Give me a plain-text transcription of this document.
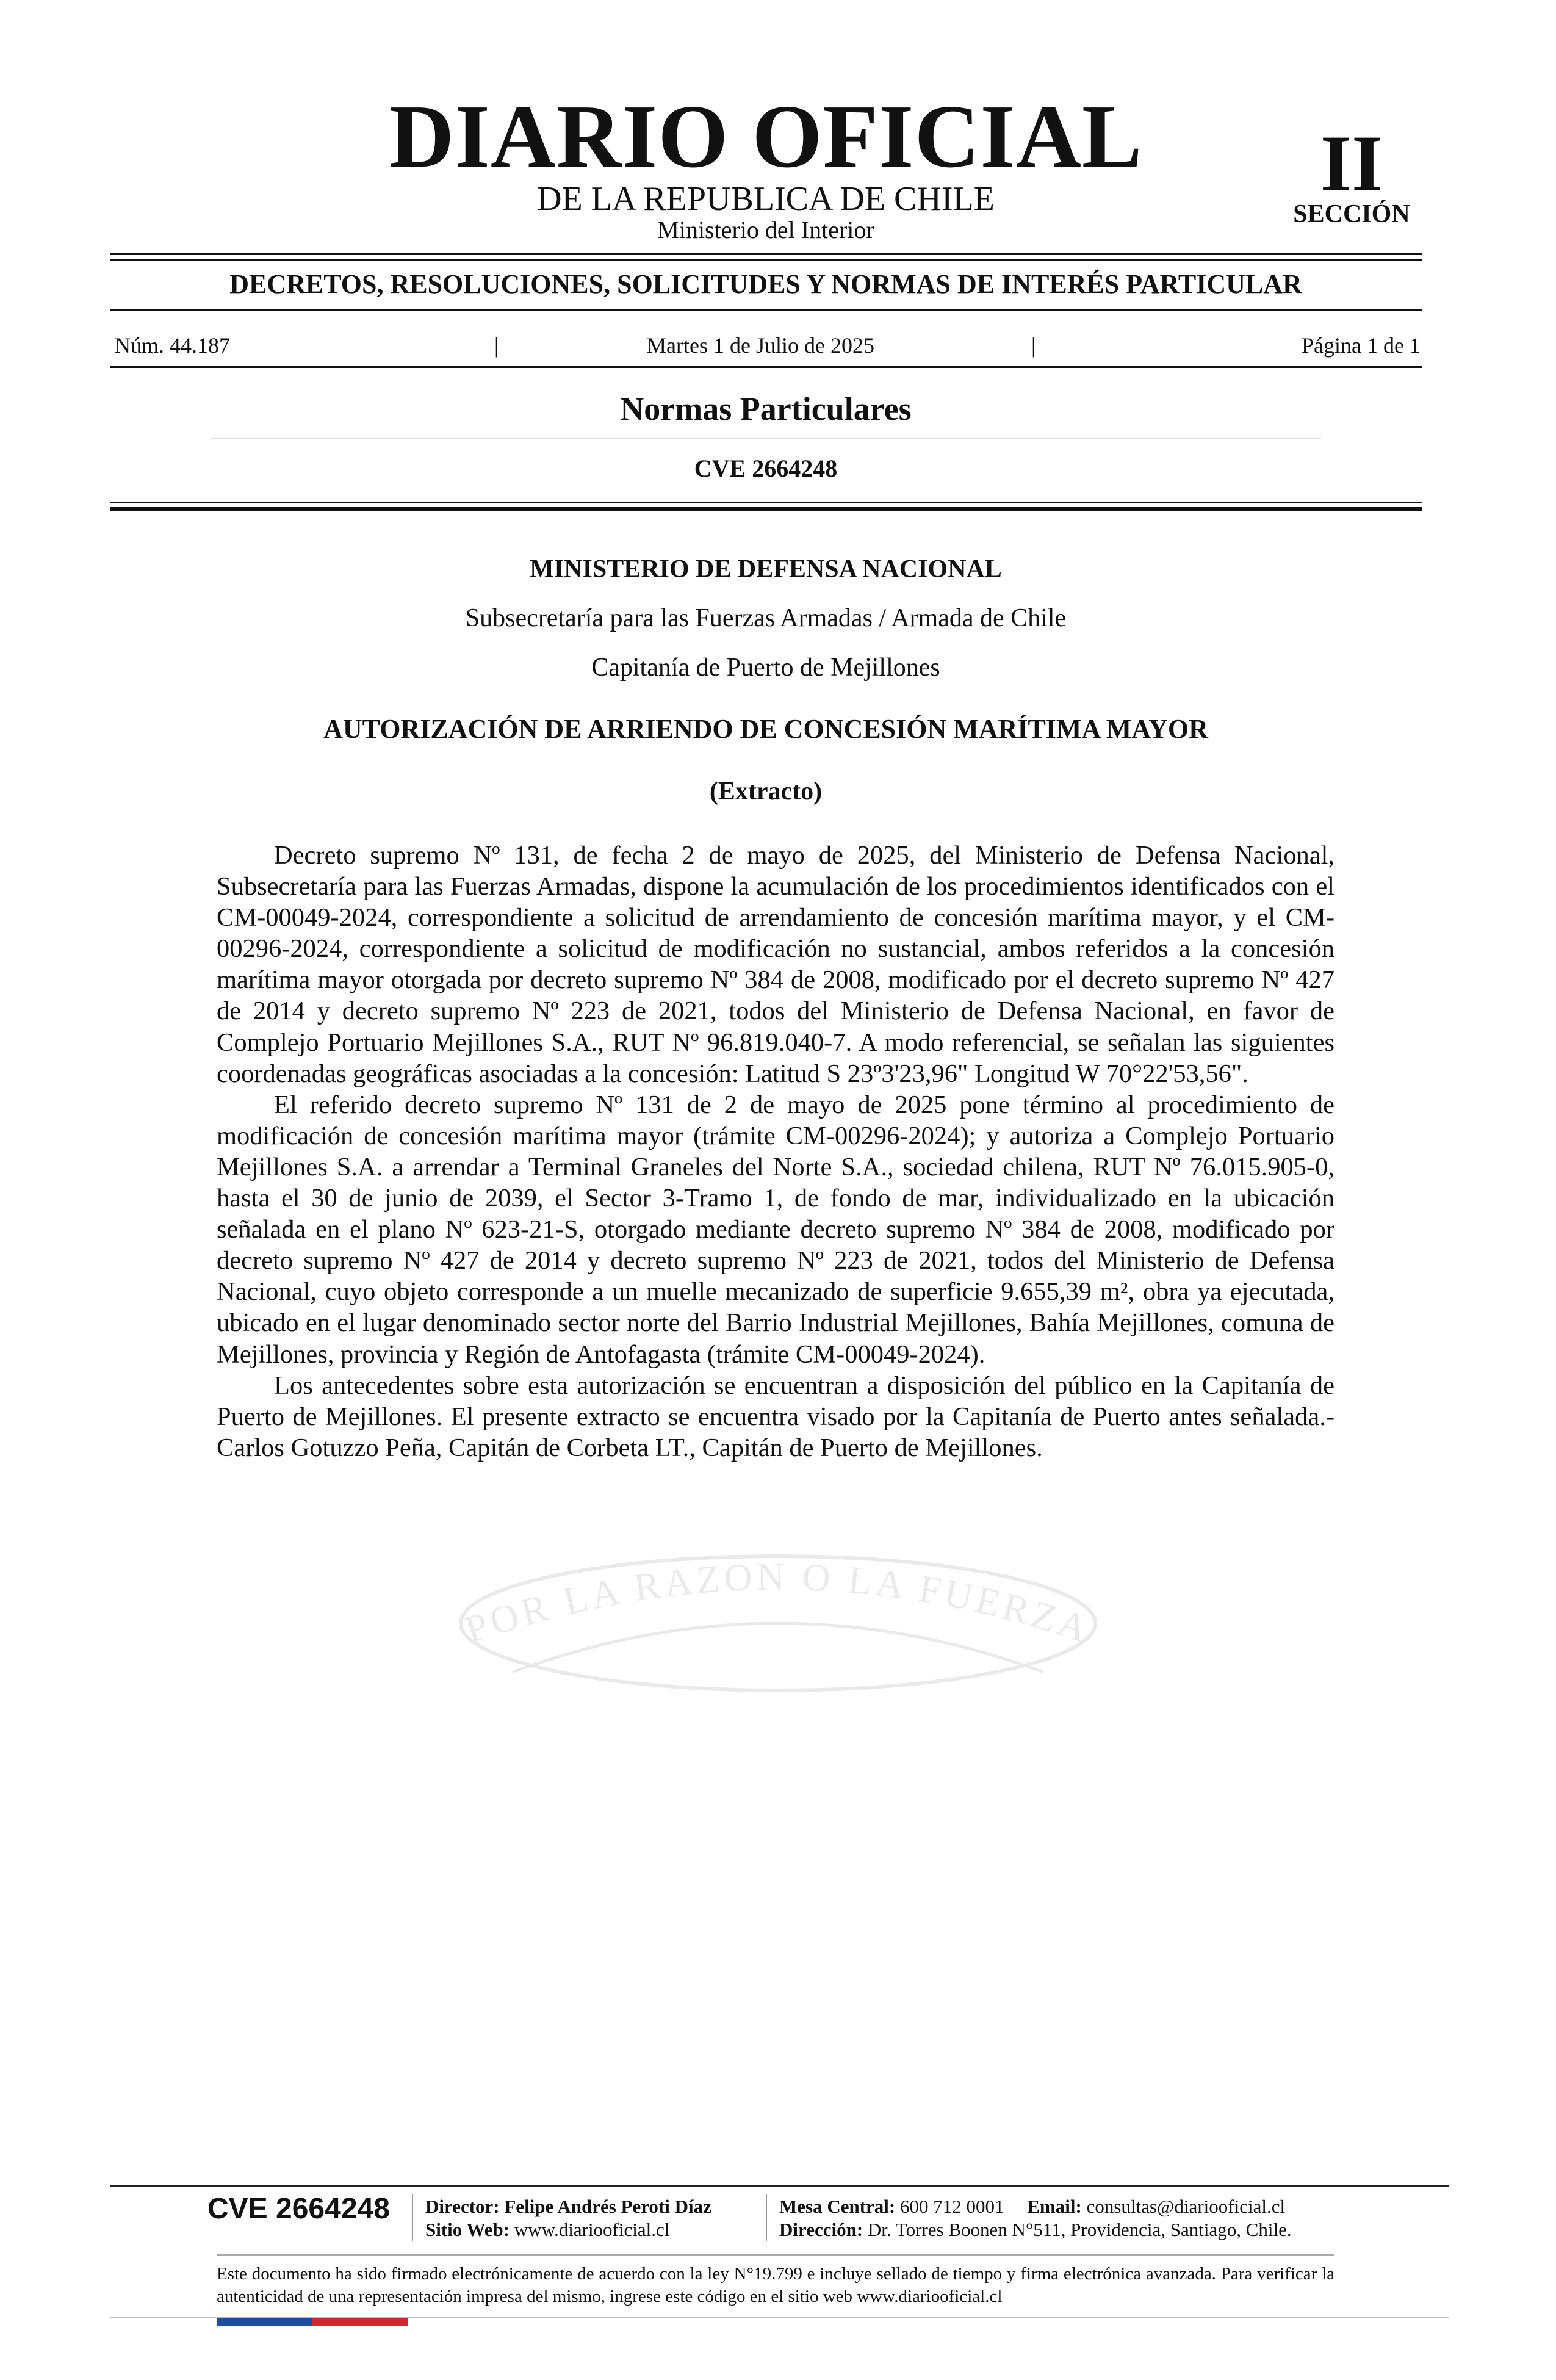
DIARIO OFICIAL
DE LA REPUBLICA DE CHILE
Ministerio del Interior
II
SECCIÓN
DECRETOS, RESOLUCIONES, SOLICITUDES Y NORMAS DE INTERÉS PARTICULAR
Núm. 44.187	|	Martes 1 de Julio de 2025	|	Página 1 de 1
Normas Particulares
CVE 2664248
MINISTERIO DE DEFENSA NACIONAL
Subsecretaría para las Fuerzas Armadas / Armada de Chile
Capitanía de Puerto de Mejillones
AUTORIZACIÓN DE ARRIENDO DE CONCESIÓN MARÍTIMA MAYOR
(Extracto)
POR LA RAZON O LA FUERZA

Decreto supremo Nº 131, de fecha 2 de mayo de 2025, del Ministerio de Defensa Nacional, Subsecretaría para las Fuerzas Armadas, dispone la acumulación de los procedimientos identificados con el CM-00049-2024, correspondiente a solicitud de arrendamiento de concesión marítima mayor, y el CM-00296-2024, correspondiente a solicitud de modificación no sustancial, ambos referidos a la concesión marítima mayor otorgada por decreto supremo Nº 384 de 2008, modificado por el decreto supremo Nº 427 de 2014 y decreto supremo Nº 223 de 2021, todos del Ministerio de Defensa Nacional, en favor de Complejo Portuario Mejillones S.A., RUT Nº 96.819.040-7. A modo referencial, se señalan las siguientes coordenadas geográficas asociadas a la concesión: Latitud S 23º3'23,96" Longitud W 70°22'53,56".

El referido decreto supremo Nº 131 de 2 de mayo de 2025 pone término al procedimiento de modificación de concesión marítima mayor (trámite CM-00296-2024); y autoriza a Complejo Portuario Mejillones S.A. a arrendar a Terminal Graneles del Norte S.A., sociedad chilena, RUT Nº 76.015.905-0, hasta el 30 de junio de 2039, el Sector 3-Tramo 1, de fondo de mar, individualizado en la ubicación señalada en el plano Nº 623-21-S, otorgado mediante decreto supremo Nº 384 de 2008, modificado por decreto supremo Nº 427 de 2014 y decreto supremo Nº 223 de 2021, todos del Ministerio de Defensa Nacional, cuyo objeto corresponde a un muelle mecanizado de superficie 9.655,39 m², obra ya ejecutada, ubicado en el lugar denominado sector norte del Barrio Industrial Mejillones, Bahía Mejillones, comuna de Mejillones, provincia y Región de Antofagasta (trámite CM-00049-2024).

Los antecedentes sobre esta autorización se encuentran a disposición del público en la Capitanía de Puerto de Mejillones. El presente extracto se encuentra visado por la Capitanía de Puerto antes señalada.- Carlos Gotuzzo Peña, Capitán de Corbeta LT., Capitán de Puerto de Mejillones.

CVE 2664248 Director: Felipe Andrés Peroti Díaz
Sitio Web: www.diariooficial.cl
Mesa Central: 600 712 0001 Email: consultas@diariooficial.cl
Dirección: Dr. Torres Boonen N°511, Providencia, Santiago, Chile.
Este documento ha sido firmado electrónicamente de acuerdo con la ley N°19.799 e incluye sellado de tiempo y firma electrónica avanzada. Para verificar la autenticidad de una representación impresa del mismo, ingrese este código en el sitio web www.diariooficial.cl
